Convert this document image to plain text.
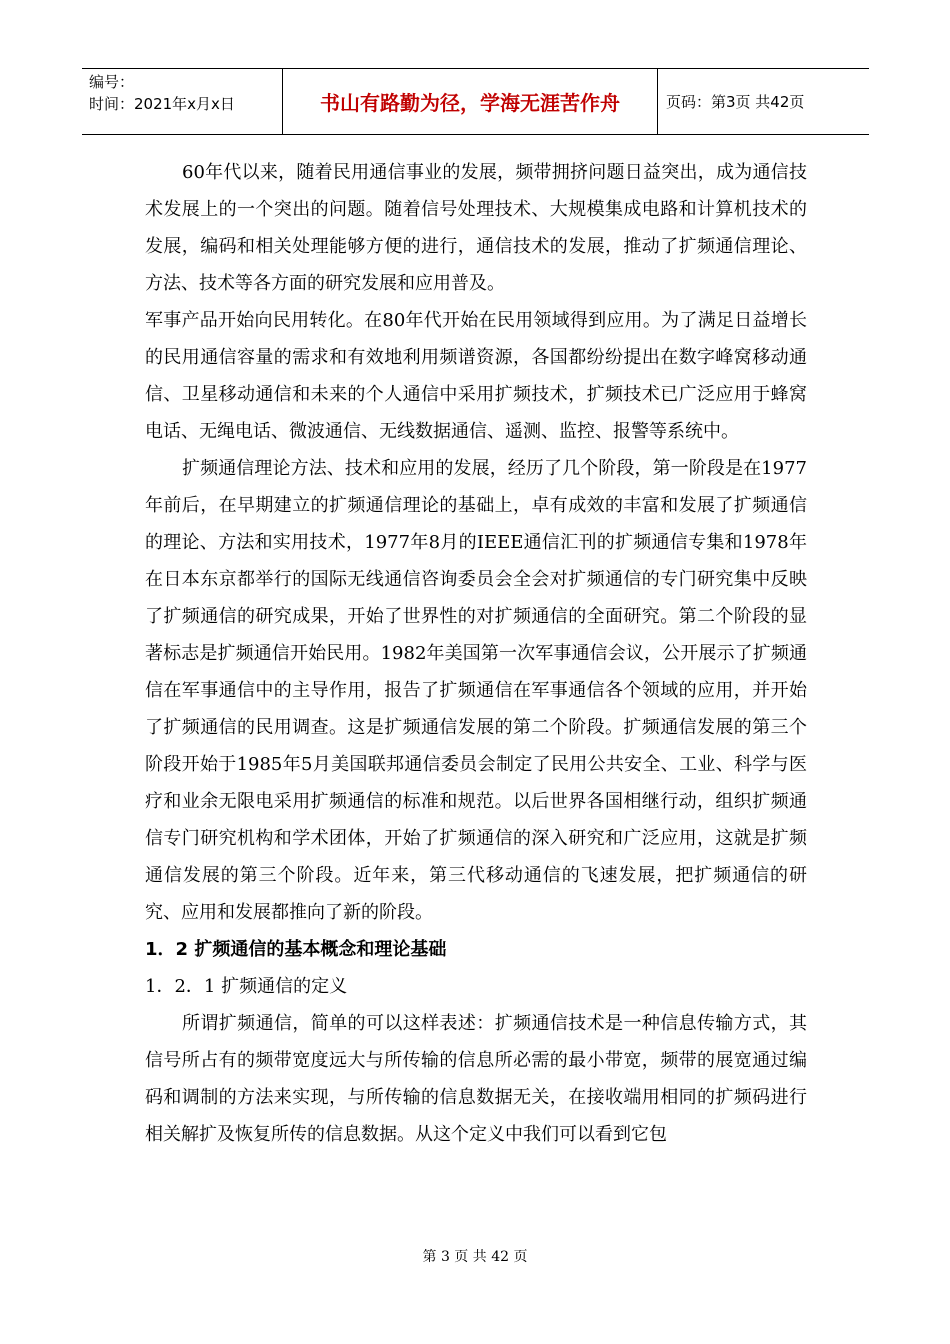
编号：
时间：2021年x月x日	书山有路勤为径，学海无涯苦作舟	页码：第3页 共42页

60年代以来，随着民用通信事业的发展，频带拥挤问题日益突出，成为通信技术发展上的一个突出的问题。随着信号处理技术、大规模集成电路和计算机技术的发展，编码和相关处理能够方便的进行，通信技术的发展，推动了扩频通信理论、方法、技术等各方面的研究发展和应用普及。

军事产品开始向民用转化。在80年代开始在民用领域得到应用。为了满足日益增长的民用通信容量的需求和有效地利用频谱资源，各国都纷纷提出在数字峰窝移动通信、卫星移动通信和未来的个人通信中采用扩频技术，扩频技术已广泛应用于蜂窝电话、无绳电话、微波通信、无线数据通信、遥测、监控、报警等系统中。

扩频通信理论方法、技术和应用的发展，经历了几个阶段，第一阶段是在1977年前后，在早期建立的扩频通信理论的基础上，卓有成效的丰富和发展了扩频通信的理论、方法和实用技术，1977年8月的IEEE通信汇刊的扩频通信专集和1978年在日本东京都举行的国际无线通信咨询委员会全会对扩频通信的专门研究集中反映了扩频通信的研究成果，开始了世界性的对扩频通信的全面研究。第二个阶段的显著标志是扩频通信开始民用。1982年美国第一次军事通信会议，公开展示了扩频通信在军事通信中的主导作用，报告了扩频通信在军事通信各个领域的应用，并开始了扩频通信的民用调查。这是扩频通信发展的第二个阶段。扩频通信发展的第三个阶段开始于1985年5月美国联邦通信委员会制定了民用公共安全、工业、科学与医疗和业余无限电采用扩频通信的标准和规范。以后世界各国相继行动，组织扩频通信专门研究机构和学术团体，开始了扩频通信的深入研究和广泛应用，这就是扩频通信发展的第三个阶段。近年来，第三代移动通信的飞速发展，把扩频通信的研究、应用和发展都推向了新的阶段。

1．2 扩频通信的基本概念和理论基础

1．2．1 扩频通信的定义

所谓扩频通信，简单的可以这样表述：扩频通信技术是一种信息传输方式，其信号所占有的频带宽度远大与所传输的信息所必需的最小带宽，频带的展宽通过编码和调制的方法来实现，与所传输的信息数据无关，在接收端用相同的扩频码进行相关解扩及恢复所传的信息数据。从这个定义中我们可以看到它包

第 3 页 共 42 页
